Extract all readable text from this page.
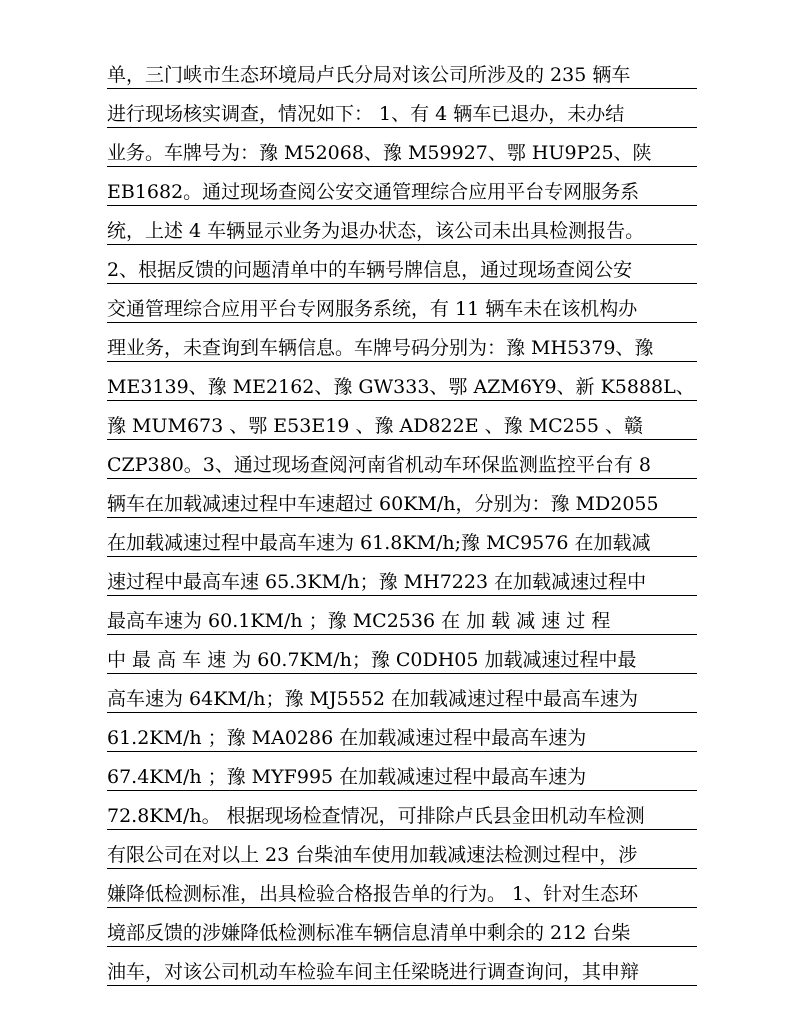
单，三门峡市生态环境局卢氏分局对该公司所涉及的 235 辆车
进行现场核实调查，情况如下： 1、有 4 辆车已退办，未办结
业务。车牌号为：豫 M52068、豫 M59927、鄂 HU9P25、陕
EB1682。通过现场查阅公安交通管理综合应用平台专网服务系
统，上述 4 车辆显示业务为退办状态，该公司未出具检测报告。
2、根据反馈的问题清单中的车辆号牌信息，通过现场查阅公安
交通管理综合应用平台专网服务系统，有 11 辆车未在该机构办
理业务，未查询到车辆信息。车牌号码分别为：豫 MH5379、豫
ME3139、豫 ME2162、豫 GW333、鄂 AZM6Y9、新 K5888L、
豫 MUM673 、鄂 E53E19 、豫 AD822E 、豫 MC255 、赣
CZP380。3、通过现场查阅河南省机动车环保监测监控平台有 8
辆车在加载减速过程中车速超过 60KM/h，分别为：豫 MD2055
在加载减速过程中最高车速为 61.8KM/h;豫 MC9576 在加载减
速过程中最高车速 65.3KM/h；豫 MH7223 在加载减速过程中
最高车速为 60.1KM/h ；豫 MC2536 在 加 载 减 速 过 程
中 最 高 车 速 为 60.7KM/h；豫 C0DH05 加载减速过程中最
高车速为 64KM/h；豫 MJ5552 在加载减速过程中最高车速为
61.2KM/h ；豫 MA0286 在加载减速过程中最高车速为
67.4KM/h ；豫 MYF995 在加载减速过程中最高车速为
72.8KM/h。 根据现场检查情况，可排除卢氏县金田机动车检测
有限公司在对以上 23 台柴油车使用加载减速法检测过程中，涉
嫌降低检测标准，出具检验合格报告单的行为。 1、针对生态环
境部反馈的涉嫌降低检测标准车辆信息清单中剩余的 212 台柴
油车，对该公司机动车检验车间主任梁晓进行调查询问，其申辩
